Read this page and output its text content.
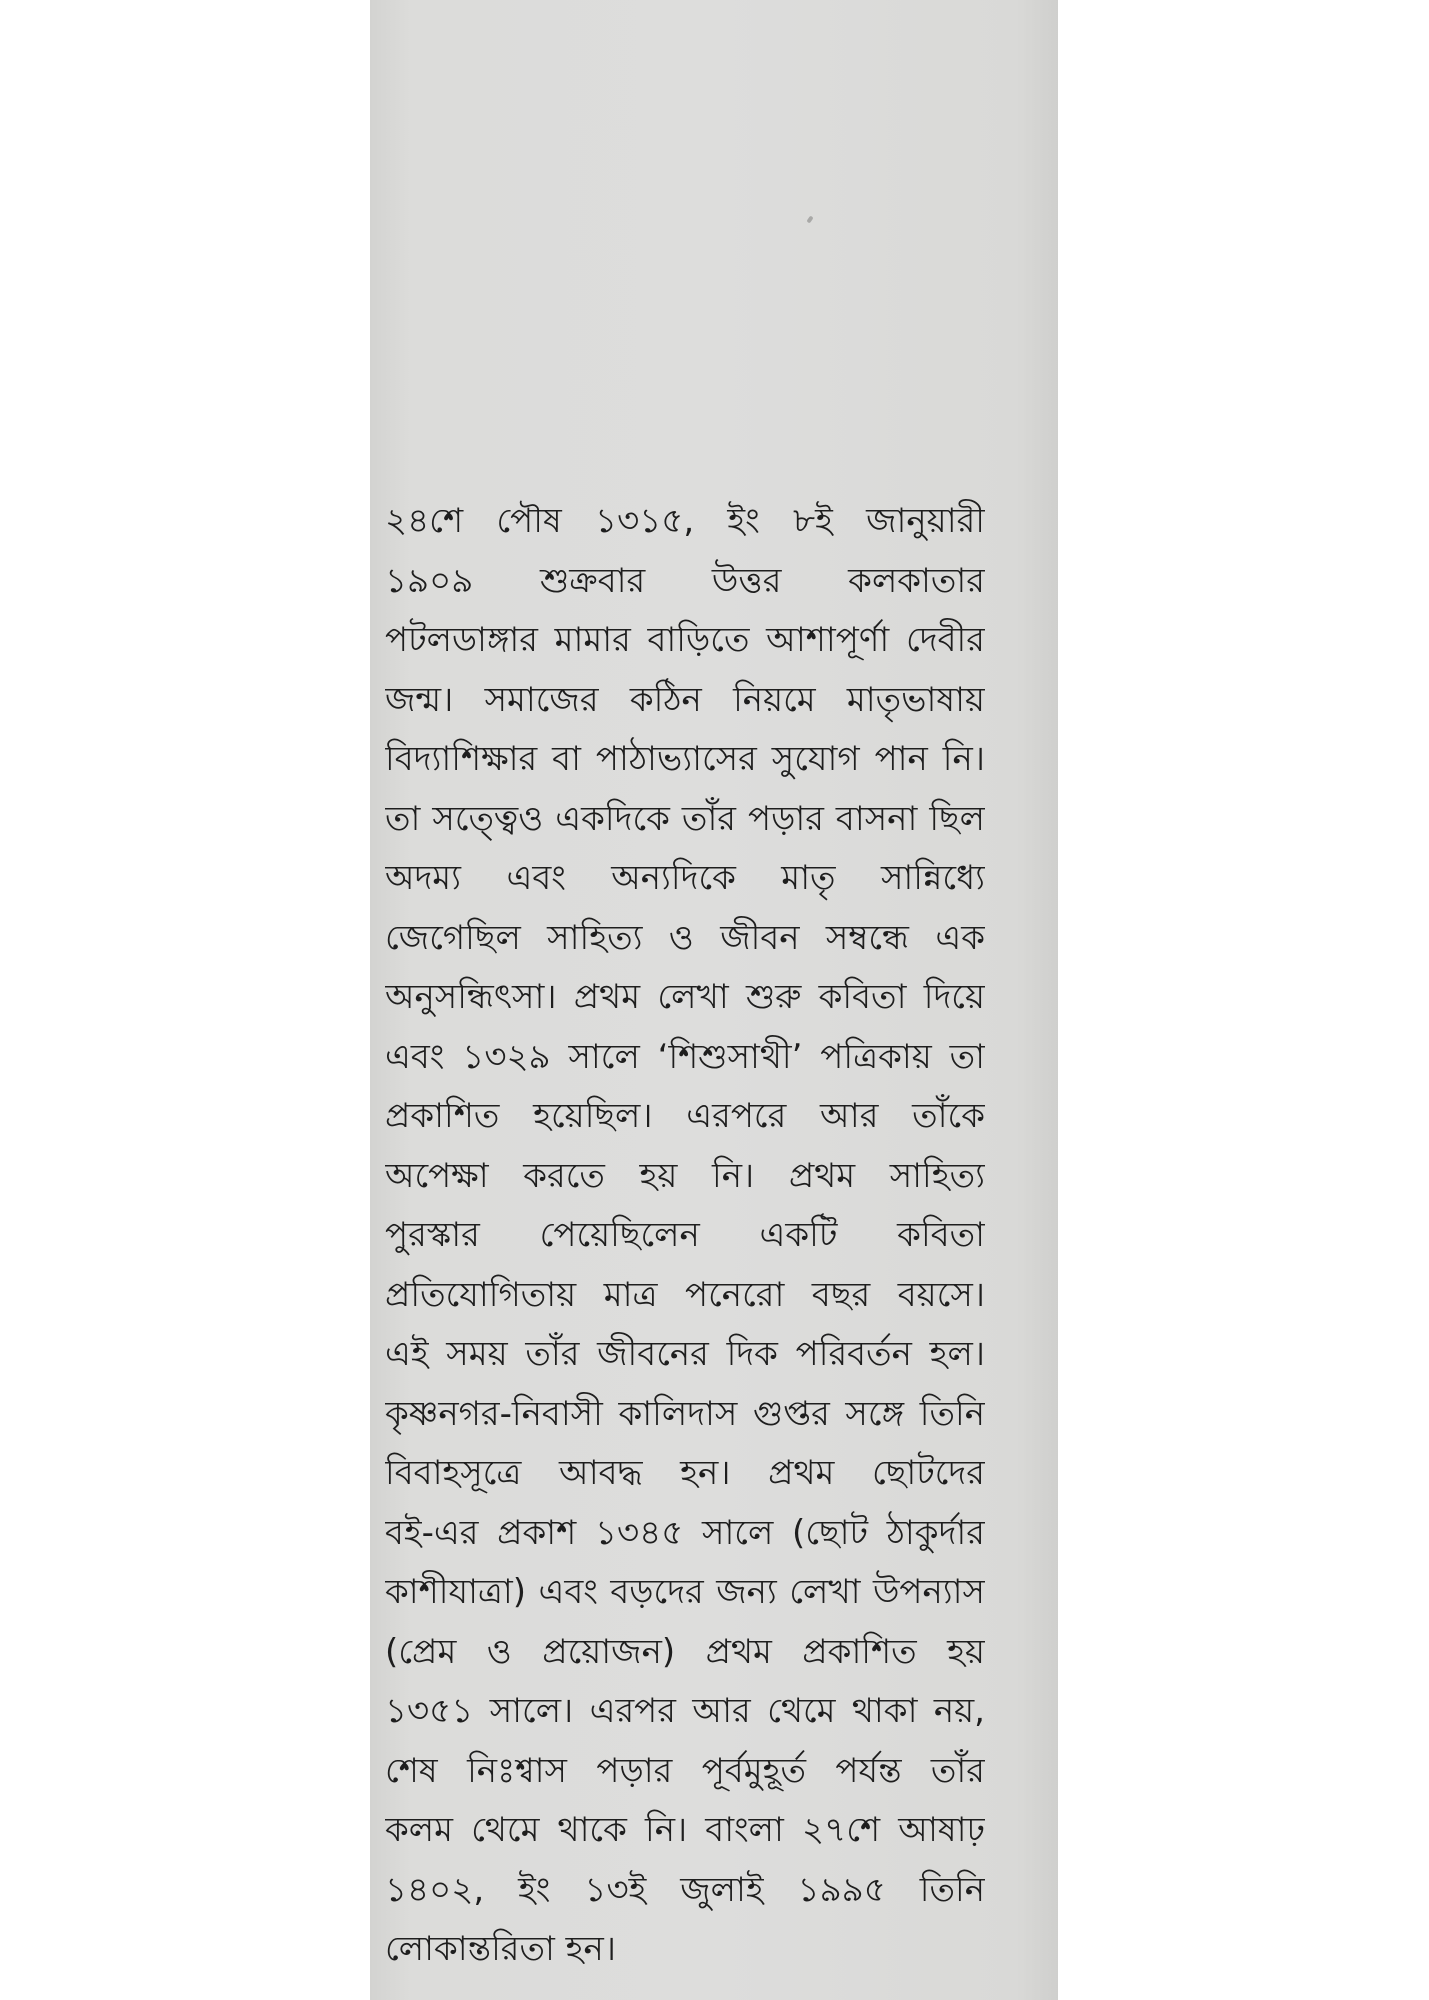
২৪শে পৌষ ১৩১৫, ইং ৮ই জানুয়ারী
১৯০৯ শুক্রবার উত্তর কলকাতার
পটলডাঙ্গার মামার বাড়িতে আশাপূর্ণা দেবীর
জন্ম। সমাজের কঠিন নিয়মে মাতৃভাষায়
বিদ্যাশিক্ষার বা পাঠাভ্যাসের সুযোগ পান নি।
তা সত্ত্বেও একদিকে তাঁর পড়ার বাসনা ছিল
অদম্য এবং অন্যদিকে মাতৃ সান্নিধ্যে
জেগেছিল সাহিত্য ও জীবন সম্বন্ধে এক
অনুসন্ধিৎসা। প্রথম লেখা শুরু কবিতা দিয়ে
এবং ১৩২৯ সালে ‘শিশুসাথী’ পত্রিকায় তা
প্রকাশিত হয়েছিল। এরপরে আর তাঁকে
অপেক্ষা করতে হয় নি। প্রথম সাহিত্য
পুরস্কার পেয়েছিলেন একটি কবিতা
প্রতিযোগিতায় মাত্র পনেরো বছর বয়সে।
এই সময় তাঁর জীবনের দিক পরিবর্তন হল।
কৃষ্ণনগর-নিবাসী কালিদাস গুপ্তর সঙ্গে তিনি
বিবাহসূত্রে আবদ্ধ হন। প্রথম ছোটদের
বই-এর প্রকাশ ১৩৪৫ সালে (ছোট ঠাকুর্দার
কাশীযাত্রা) এবং বড়দের জন্য লেখা উপন্যাস
(প্রেম ও প্রয়োজন) প্রথম প্রকাশিত হয়
১৩৫১ সালে। এরপর আর থেমে থাকা নয়,
শেষ নিঃশ্বাস পড়ার পূর্বমুহূর্ত পর্যন্ত তাঁর
কলম থেমে থাকে নি। বাংলা ২৭শে আষাঢ়
১৪০২, ইং ১৩ই জুলাই ১৯৯৫ তিনি
লোকান্তরিতা হন।
